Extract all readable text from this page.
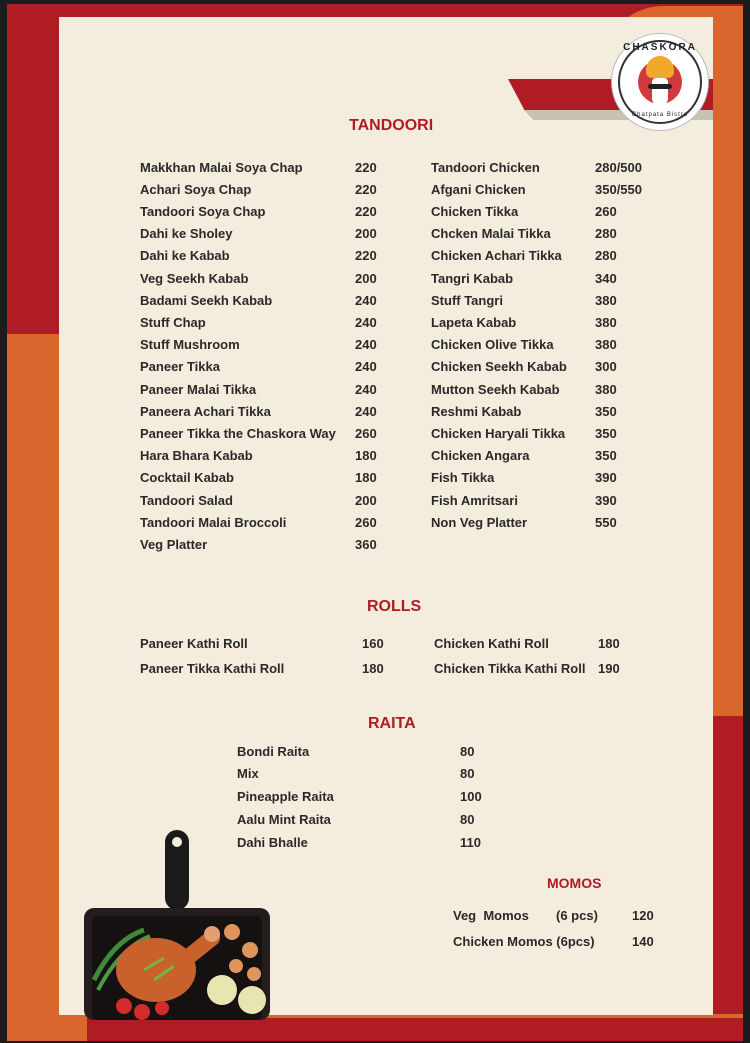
CHASKORA
Chatpata Bistro
TANDOORI
Makkhan Malai Soya Chap	220
Achari Soya Chap	220
Tandoori Soya Chap	220
Dahi ke Sholey	200
Dahi ke Kabab	220
Veg Seekh Kabab	200
Badami Seekh Kabab	240
Stuff Chap	240
Stuff Mushroom	240
Paneer Tikka	240
Paneer Malai Tikka	240
Paneera Achari Tikka	240
Paneer Tikka the Chaskora Way 260
Hara Bhara Kabab	180
Cocktail Kabab	180
Tandoori Salad	200
Tandoori Malai Broccoli	260
Veg Platter	360
Tandoori Chicken	280/500
Afgani Chicken	350/550
Chicken Tikka	260
Chcken Malai Tikka	280
Chicken Achari Tikka	280
Tangri Kabab	340
Stuff Tangri	380
Lapeta Kabab	380
Chicken Olive Tikka	380
Chicken Seekh Kabab 300
Mutton Seekh Kabab	380
Reshmi Kabab	350
Chicken Haryali Tikka 350
Chicken Angara	350
Fish Tikka	390
Fish Amritsari	390
Non Veg Platter	550
ROLLS
Paneer Kathi Roll	160
Paneer Tikka Kathi Roll	180
Chicken Kathi Roll	180
Chicken Tikka Kathi Roll 190
RAITA
Bondi Raita	80
Mix	80
Pineapple Raita	100
Aalu Mint Raita	80
Dahi Bhalle	110
MOMOS
Veg  Momos (6 pcs)	120
Chicken Momos (6pcs)	140
